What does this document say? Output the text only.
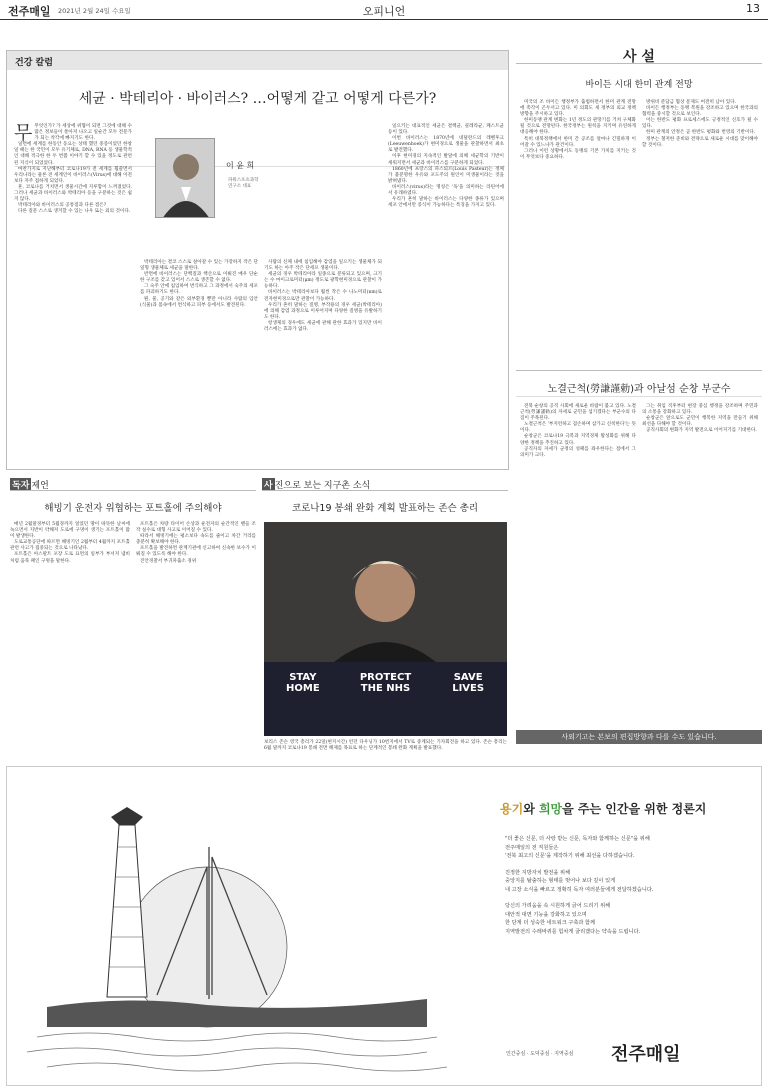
전주매일 2021년 2월 24일 수요일	오피니언	13
건강 칼럼
세균 · 박테리아 · 바이러스? …어떻게 같고 어떻게 다른가?

무무엇인가? 가 세상에 위협이 되면 그것에 대해 수많은 정보들이 쏟아져 나오고 일순간 모두 전문가가 되는 착각에 빠지기도 한다.

일련에 세계를 한동안 동요는 상태 했던 중증이었던 한창일 때는 한 국민이 모두 유기체로, DNA, RNA 등 생물학적인 대해 적극한 한 두 번쯤 이야기 할 수 있을 정도로 관련된 지식이 되었었다.

마찬가지로 지난해부터 코로나19가 전 세계를 휩쓸면서 우리나라는 물론 전 세계인이 바이러스(Virus)에 대해 이전보다 자주 접하게 되었다.

흔, 코로나를 거치면서 생물시간에 지루함이 느껴졌었다. 그러나 세균과 바이러스와 박테리아 등을 구분하는 것은 쉽지 않다.

박테리아와 바이러스의 공통점과 다른 점은?

다른 질문 스스로 생겨할 수 있는 나우 또는 외의 것이다.

이 윤 희
파워스포츠과학
연구소 대표

박테리아는 결코 스스로 살아갈 수 있는 가장하지 작은 단일형 생물체로 세균을 말한다.

반면에 바이러스는 단백질과 핵산으로 이뤄진 매우 단순한 구조를 갖고 있어서 스스로 생존할 수 없다.

그 숙주 안에 침입하여 번식하고 그 과정에서 숙주의 세포를 파괴하기도 한다.

뭔, 물, 공기와 같은 외부환경 뿐만 아니라 사람의 입안(식물)과 몸속에서 번식하고 피부 등에서도 발견된다.

사람의 신체 내에 침입해야 감염을 일으키는 생물체가 되기도 하는 아주 작은 단세포 생물이다.

세균의 경우 박테리아라 일종으로 분류되고 있으며, 크기는 수 마이크로미터(μm) 정도로 광학현미경으로 관찰이 가능하다.

바이러스는 박테리아보다 훨씬 작은 수 나노미터(nm)로 전자현미경으로만 관찰이 가능하다.

우리가 흔히 말하는 질병, 부작용의 경우 세균(박테리아)에 의해 감염 과정으로 이루어지며 다양한 질병을 유발하기도 한다.

항생제의 경우에도 세균에 관해 관한 효과가 있지만 바이러스에는 효과가 없다.

일으키는 대표적인 세균은 결핵균, 콜레라균, 페스트균 등이 있다.

이번 바이러스는 1870년에 네덜란드의 레벤후크(Leeuwenhoek)가 현미경으로 생물을 관찰하면서 최초로 발견했다.

이후 현미경의 지속적인 발달에 의해 세균학의 기반이 세워지면서 세균과 바이러스를 구분하게 되었다.

1860년에 프랑스의 파스퇴르(Louis Pasteur)는 정체가 불분명한 우유와 포도주의 원인이 미생물이라는 것을 밝혀냈다.

바이러스(virus)라는 명칭은 '독'을 의미하는 라틴어에서 유래하였다.

우리가 흔히 말하는 바이러스는 다양한 종류가 있으며 세포 안에서만 증식이 가능하다는 특징을 가지고 있다.

사 설
바이든 시대 한미 관계 전망

미국의 조 바이든 행정부가 출범하면서 한미 관계 전망에 촉각이 곤두서고 있다. 미 의회도 새 정부의 외교 정책 방향을 주시하고 있다.

한미동맹 관계 변화는 1년 정도의 관망기를 거쳐 구체화될 것으로 전망된다. 한국정부는 원칙을 지키며 유연하게 대응해야 한다.

특히 대북정책에서 한미 간 공조를 얼마나 긴밀하게 이어갈 수 있느냐가 관건이다.

그러나 이런 상황에서도 동맹의 기본 가치를 지키는 것이 무엇보다 중요하다.

방위비 분담금 협상 문제도 여전히 남아 있다.

바이든 행정부는 동맹 복원을 강조하고 있으며 한국과의 협력을 중시할 것으로 보인다.

이는 한반도 평화 프로세스에도 긍정적인 신호가 될 수 있다.

한미 관계의 안정은 곧 한반도 평화와 번영의 기반이다.

정부는 철저한 준비와 전략으로 새로운 시대를 맞이해야 할 것이다.

노결근척(勞謙謹勅)과 아날섬 순창 부군수

전북 순창의 공직 사회에 새로운 바람이 불고 있다. 노결근척(勞謙謹勅)의 자세로 군민을 섬기겠다는 부군수의 다짐이 주목된다.

노결근척은 '부지런하고 겸손하며 삼가고 신칙한다'는 뜻이다.

순창군은 코로나19 극복과 지역경제 활성화를 위해 다양한 정책을 추진하고 있다.

공직자의 자세가 군정의 성패를 좌우한다는 점에서 그 의미가 크다.

그는 취임 직후부터 현장 중심 행정을 강조하며 주민과의 소통을 강화하고 있다.

순창군은 앞으로도 군민이 행복한 지역을 만들기 위해 최선을 다해야 할 것이다.

공직사회의 변화가 지역 발전으로 이어지기를 기대한다.

사외기고는 본보의 편집방향과 다를 수도 있습니다.
독자 제언
해빙기 운전자 위협하는 포트홀에 주의해야

매년 2월말경부터 5월경까지 얼었던 땅이 따뜻한 날씨에 녹으면서 지반이 약해져 도로에 구멍이 생기는 포트홀이 많이 발생한다.

도로교통공단에 따르면 해빙기인 2월부터 4월까지 포트홀 관련 사고가 집중되는 것으로 나타났다.

포트홀은 아스팔트 포장 도로 표면의 일부가 부서져 냄비처럼 움푹 패인 구멍을 말한다.

포트홀은 차량 타이어 손상과 운전자의 순간적인 핸들 조작 실수로 대형 사고로 이어질 수 있다.

따라서 해빙기에는 평소보다 속도를 줄이고 차간 거리를 충분히 확보해야 한다.

포트홀을 발견하면 관계기관에 신고하여 신속한 보수가 이뤄질 수 있도록 해야 한다.

진안경찰서 부귀파출소 경위

사 진으로 보는 지구촌 소식
코로나19 봉쇄 완화 계획 발표하는 존슨 총리
STAY HOME
PROTECT THE NHS
SAVE LIVES
보리스 존슨 영국 총리가 22일(현지시간) 런던 다우닝가 10번지에서 TV로 중계되는 기자회견을 하고 있다. 존슨 총리는 6월 말까지 코로나19 봉쇄 전면 해제를 목표로 하는 단계적인 봉쇄 완화 계획을 발표했다.
용기와 희망을 주는 인간을 위한 정론지
"더 좋은 신문, 더 사랑 받는 신문, 독자와 함께하는 신문"을 위해
전주매일의 전 직원들은
'전북 최고의 신문'을 제작하기 위해 최선을 다하겠습니다.
진정한 지방자치 발전을 위해
중앙지를 탈출하는 형태를 벗어나 보다 깊이 있게
내 고장 소식을 빠르고 정확히 독자 여러분들에게 전달하겠습니다.
당신의 가려움을 속 시원하게 긁어 드리기 위해
대안적 대면 기능을 강화하고 있으며
한 단계 더 성숙한 네트워크 구축과 함께
지역발전의 수레바퀴를 힘차게 굴리겠다는 약속을 드립니다.
인간중심 · 도덕중심 · 지역중심 전주매일
